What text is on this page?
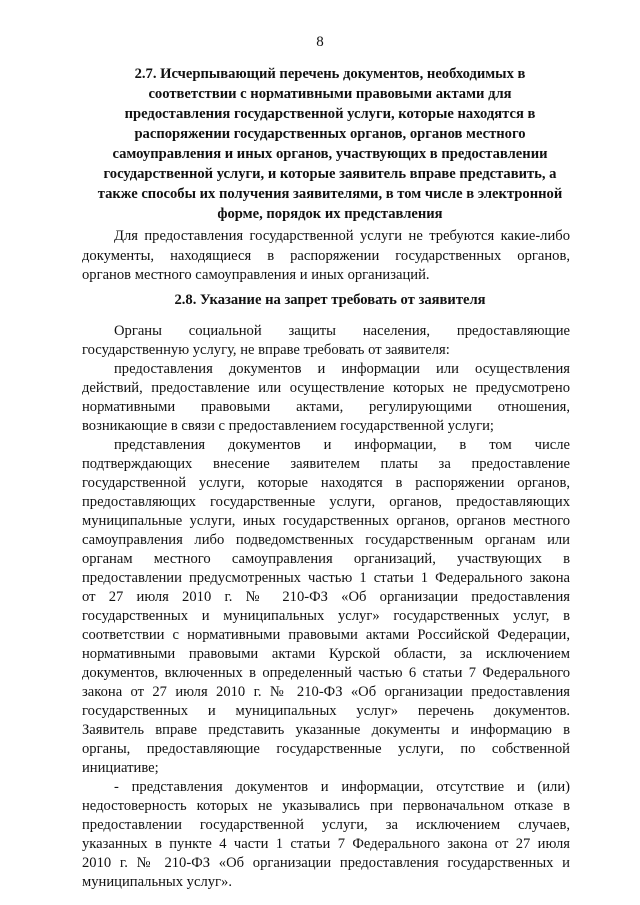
8
2.7. Исчерпывающий перечень документов, необходимых в
соответствии с нормативными правовыми актами для
предоставления государственной услуги, которые находятся в
распоряжении государственных органов, органов местного
самоуправления и иных органов, участвующих в предоставлении
государственной услуги, и которые заявитель вправе представить, а
также способы их получения заявителями, в том числе в электронной
форме, порядок их представления
Для предоставления государственной услуги не требуются какие-либо
документы, находящиеся в распоряжении государственных органов,
органов местного самоуправления и иных организаций.
2.8. Указание на запрет требовать от заявителя
Органы социальной защиты населения, предоставляющие
государственную услугу, не вправе требовать от заявителя:
предоставления документов и информации или осуществления
действий, предоставление или осуществление которых не предусмотрено
нормативными правовыми актами, регулирующими отношения,
возникающие в связи с предоставлением государственной услуги;
представления документов и информации, в том числе
подтверждающих внесение заявителем платы за предоставление
государственной услуги, которые находятся в распоряжении органов,
предоставляющих государственные услуги, органов, предоставляющих
муниципальные услуги, иных государственных органов, органов местного
самоуправления либо подведомственных государственным органам или
органам местного самоуправления организаций, участвующих в
предоставлении предусмотренных частью 1 статьи 1 Федерального закона
от 27 июля 2010 г. № 210-ФЗ «Об организации предоставления
государственных и муниципальных услуг» государственных услуг, в
соответствии с нормативными правовыми актами Российской Федерации,
нормативными правовыми актами Курской области, за исключением
документов, включенных в определенный частью 6 статьи 7 Федерального
закона от 27 июля 2010 г. № 210-ФЗ «Об организации предоставления
государственных и муниципальных услуг» перечень документов.
Заявитель вправе представить указанные документы и информацию в
органы, предоставляющие государственные услуги, по собственной
инициативе;
- представления документов и информации, отсутствие и (или)
недостоверность которых не указывались при первоначальном отказе в
предоставлении государственной услуги, за исключением случаев,
указанных в пункте 4 части 1 статьи 7 Федерального закона от 27 июля
2010 г. № 210-ФЗ «Об организации предоставления государственных и
муниципальных услуг».
